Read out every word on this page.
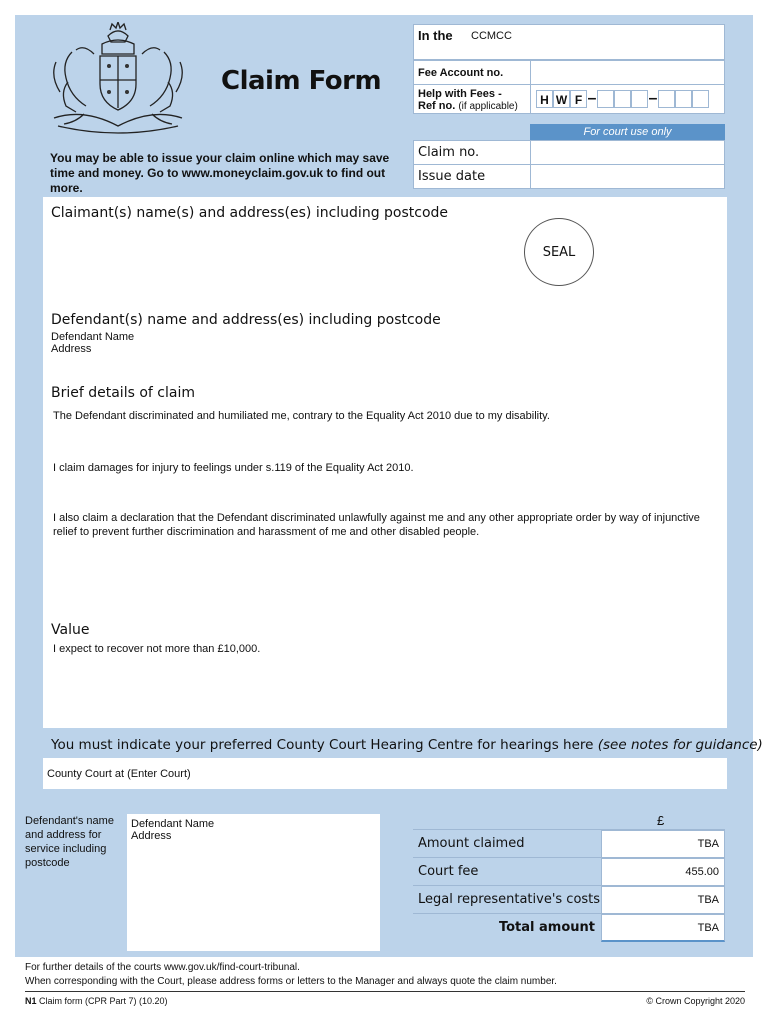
Claim Form
You may be able to issue your claim online which may save time and money. Go to www.moneyclaim.gov.uk to find out more.
In the CCMCC
Fee Account no.
Help with Fees -
Ref no. (if applicable)	H W F –	–
For court use only
Claim no.
Issue date
Claimant(s) name(s) and address(es) including postcode
SEAL
Defendant(s) name and address(es) including postcode
Defendant Name
Address
Brief details of claim
The Defendant discriminated and humiliated me, contrary to the Equality Act 2010 due to my disability.
I claim damages for injury to feelings under s.119 of the Equality Act 2010.
I also claim a declaration that the Defendant discriminated unlawfully against me and any other appropriate order by way of injunctive relief to prevent further discrimination and harassment of me and other disabled people.
Value
I expect to recover not more than £10,000.
You must indicate your preferred County Court Hearing Centre for hearings here (see notes for guidance)
County Court at (Enter Court)
Defendant's name and address for service including postcode
Defendant Name
Address
£
Amount claimed	TBA
Court fee	455.00
Legal representative's costs	TBA
Total amount	TBA
For further details of the courts www.gov.uk/find-court-tribunal.
When corresponding with the Court, please address forms or letters to the Manager and always quote the claim number.
N1 Claim form (CPR Part 7) (10.20)	© Crown Copyright 2020
